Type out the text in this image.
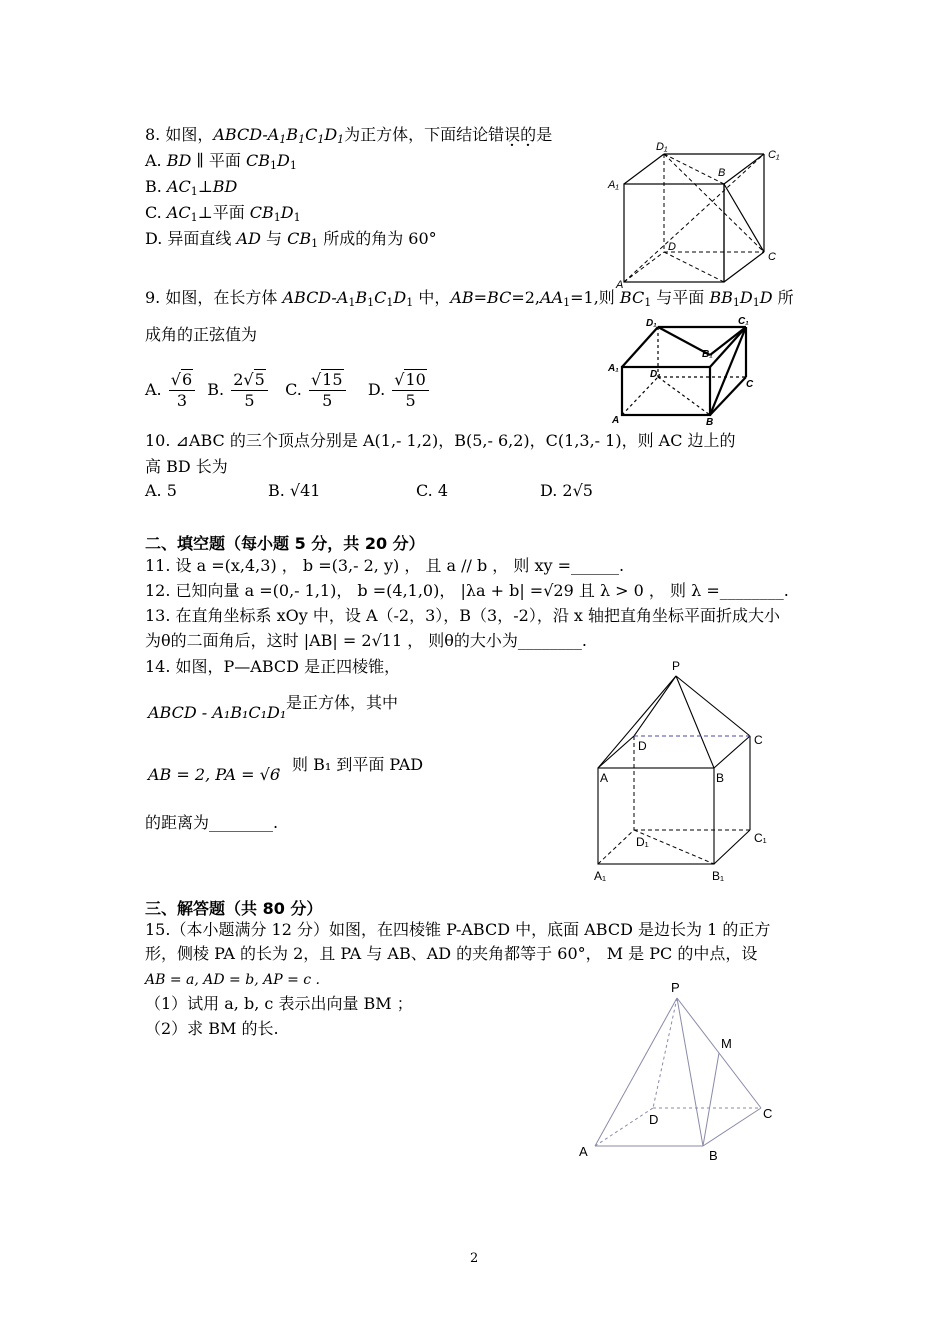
8. 如图，ABCD-$A_1B_1C_1D_1$为正方体，下面结论错误的是
A. BD ∥ 平面 $CB_1D_1$
B. $AC_1\perp BD$
C. $AC_1\perp$平面 $CB_1D_1$
D. 异面直线 AD 与 $CB_1$ 所成的角为 60°
D₁
C₁
A₁
B
D
C
A
9. 如图，在长方体 ABCD-$A_1B_1C_1D_1$ 中，$AB=BC=2,AA_1=1$,则 $BC_1$ 与平面 $BB_1D_1D$ 所
成角的正弦值为
A. $\frac{√6}{3} B$. $\frac{2√5}{5} C$. $\frac{√15}{5} D$. $\frac{√10}{5}$
D₁	C₁
A₁
B₁
D₁
C
A	B
10. ⊿ABC 的三个顶点分别是 A(1,- 1,2)，B(5,- 6,2)，C(1,3,- 1)，则 AC 边上的
高 BD 长为
A. 5	B. √41	C. 4	D. 2√5
二、填空题（每小题 5 分，共 20 分）
11. 设 a =(x,4,3) ， b =(3,- 2, y) ， 且 a // b ， 则 xy =______.
12. 已知向量 a =(0,- 1,1)， b =(4,1,0)， |λa + b| =√29 且 λ > 0 ， 则 λ =________.
13. 在直角坐标系 xOy 中，设 A（-2，3），B（3，-2），沿 x 轴把直角坐标平面折成大小
为θ的二面角后，这时 |AB| = 2√11 ， 则θ的大小为________.
14. 如图，P—ABCD 是正四棱锥，
ABCD - A₁B₁C₁D₁
是正方体，其中
AB = 2, PA = √6
，则 B₁ 到平面 PAD
的距离为________.
P
D	C
A	B
D₁	C₁
A₁	B₁
三、解答题（共 80 分）
15.（本小题满分 12 分）如图，在四棱锥 P-ABCD 中，底面 ABCD 是边长为 1 的正方
形，侧棱 PA 的长为 2，且 PA 与 AB、AD 的夹角都等于 60°， M 是 PC 的中点，设
AB = a, AD = b, AP = c .
（1）试用 a, b, c 表示出向量 BM ；
（2）求 BM 的长.
P
M
D	C
A	B
2
